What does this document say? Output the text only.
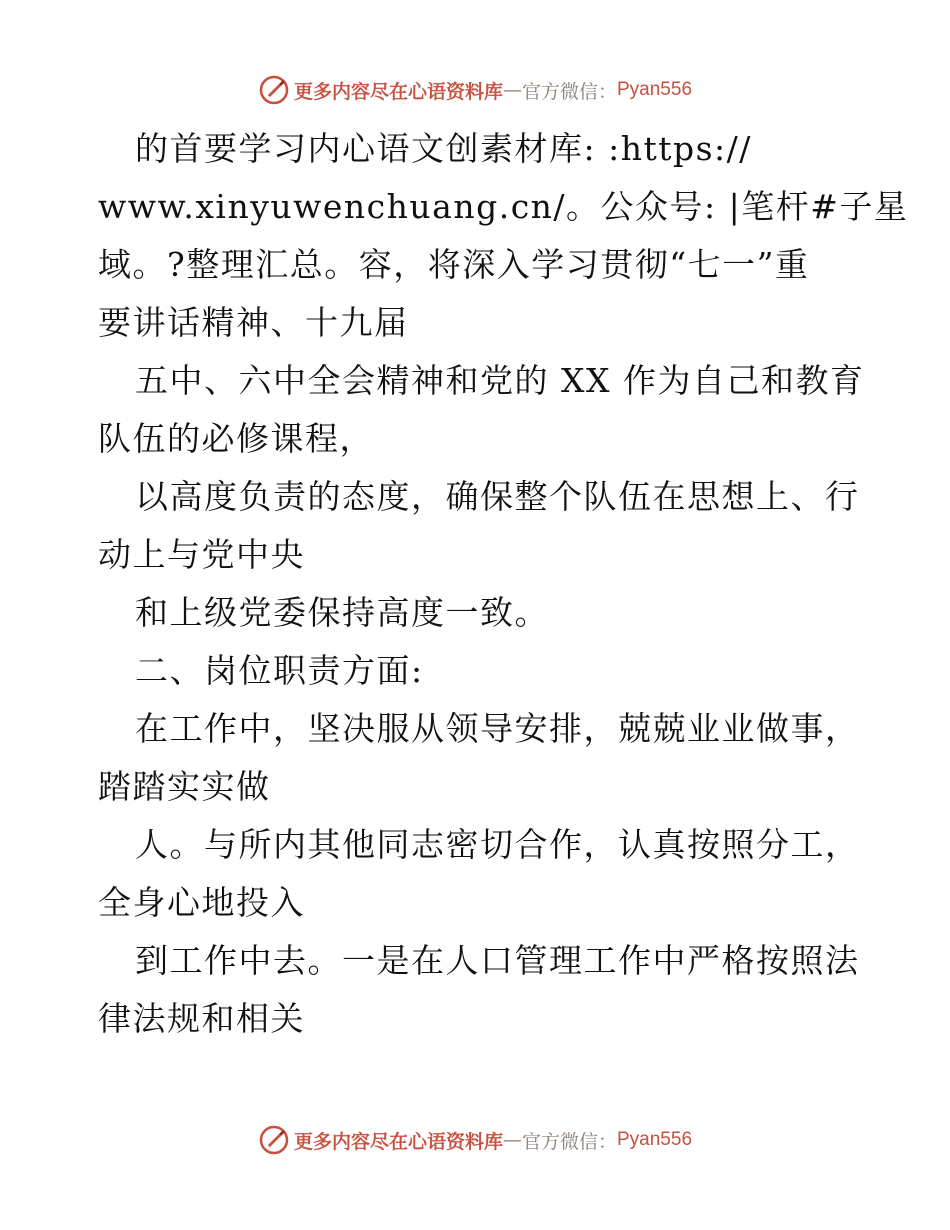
更多内容尽在心语资料库 — 官方微信： Pyan556
的首要学习内心语文创素材库: :https://
www.xinyuwenchuang.cn/。公众号: |笔杆#子星
域。?整理汇总。容，将深入学习贯彻“七一”重
要讲话精神、十九届
五中、六中全会精神和党的 XX 作为自己和教育
队伍的必修课程，
以高度负责的态度，确保整个队伍在思想上、行
动上与党中央
和上级党委保持高度一致。
二、岗位职责方面:
在工作中，坚决服从领导安排，兢兢业业做事，
踏踏实实做
人。与所内其他同志密切合作，认真按照分工，
全身心地投入
到工作中去。一是在人口管理工作中严格按照法
律法规和相关
更多内容尽在心语资料库 — 官方微信： Pyan556
